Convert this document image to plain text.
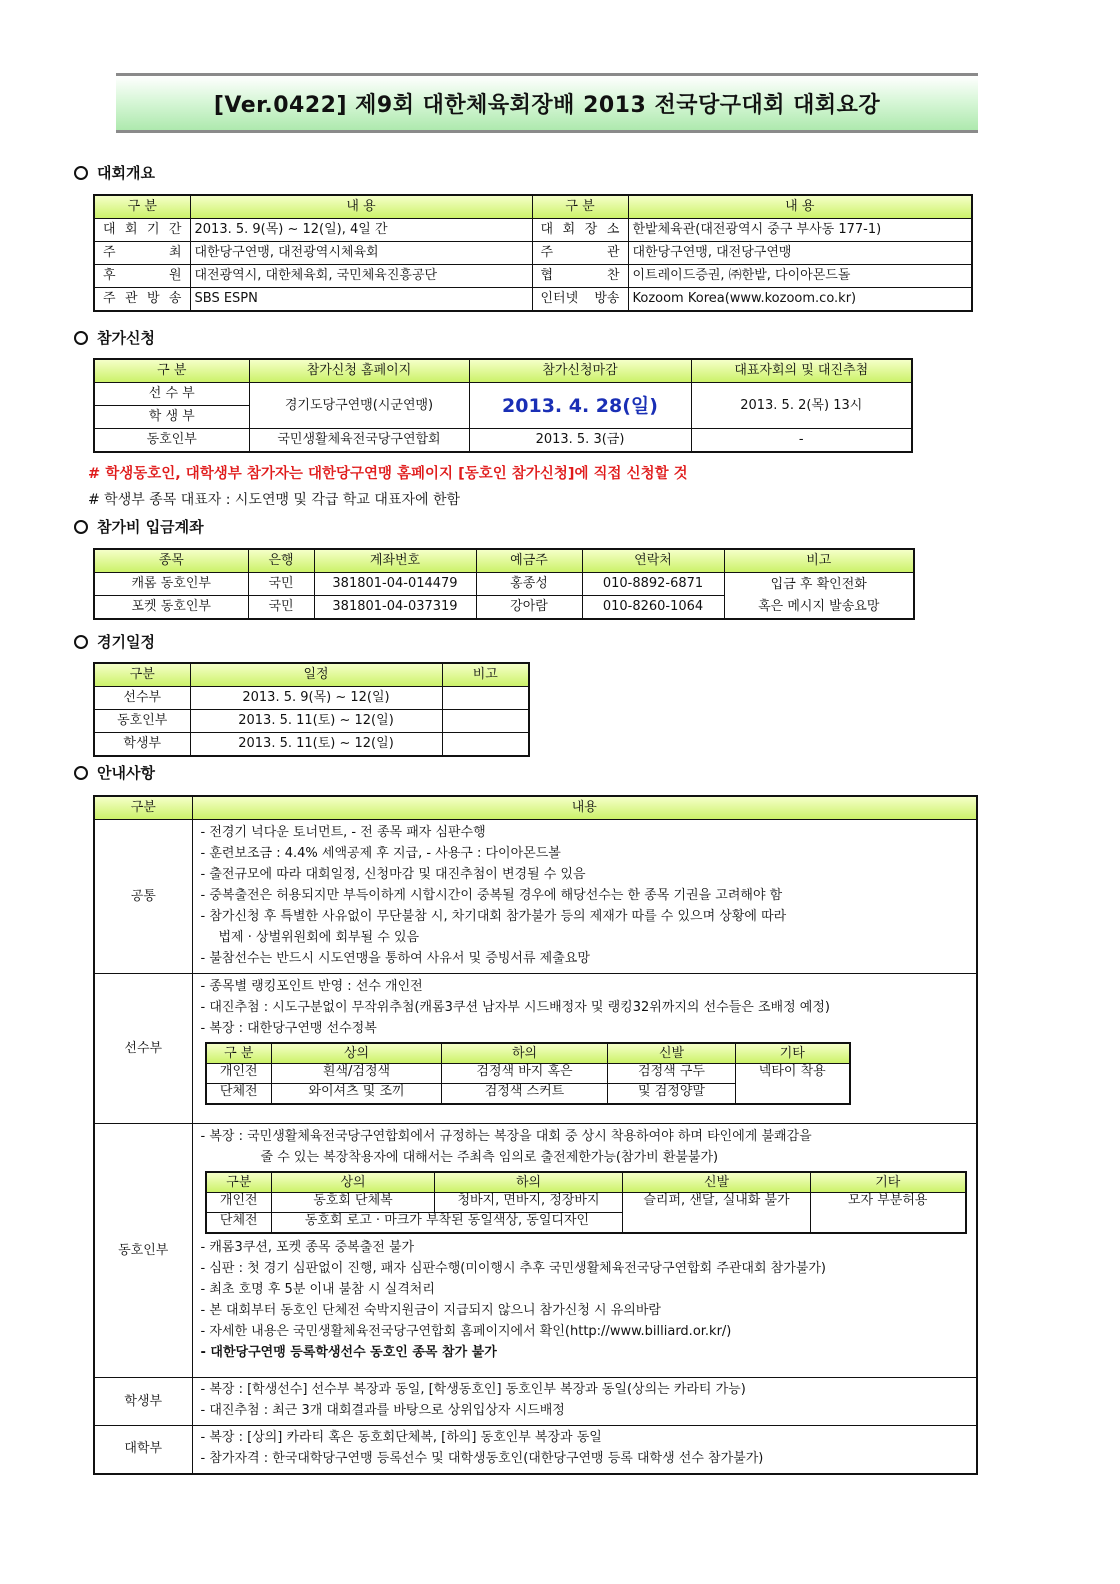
[Ver.0422] 제9회 대한체육회장배 2013 전국당구대회 대회요강
대회개요
구 분	내 용	구 분	내 용
대 회 기 간	2013. 5. 9(목) ~ 12(일), 4일 간	대 회 장 소	한밭체육관(대전광역시 중구 부사동 177-1)
주 최	대한당구연맹, 대전광역시체육회	주 관	대한당구연맹, 대전당구연맹
후 원	대전광역시, 대한체육회, 국민체육진흥공단	협 찬	이트레이드증권, ㈜한밭, 다이아몬드돌
주 관 방 송	SBS ESPN	인터넷 방송	Kozoom Korea(www.kozoom.co.kr)
참가신청
구 분	참가신청 홈페이지	참가신청마감	대표자회의 및 대진추첨
선 수 부	경기도당구연맹(시군연맹)	2013. 4. 28(일)	2013. 5. 2(목) 13시
학 생 부			
동호인부	국민생활체육전국당구연합회	2013. 5. 3(금)	-
# 학생동호인, 대학생부 참가자는 대한당구연맹 홈페이지 [동호인 참가신청]에 직접 신청할 것
# 학생부 종목 대표자 : 시도연맹 및 각급 학교 대표자에 한함
참가비 입금계좌
종목	은행	계좌번호	예금주	연락처	비고
캐롬 동호인부	국민	381801-04-014479	홍종성	010-8892-6871	입금 후 확인전화
혹은 메시지 발송요망
포켓 동호인부	국민	381801-04-037319	강아람	010-8260-1064	
경기일정
구분	일정	비고
선수부	2013. 5. 9(목) ~ 12(일)	
동호인부	2013. 5. 11(토) ~ 12(일)	
학생부	2013. 5. 11(토) ~ 12(일)	
안내사항
구분	내용
공통	
- 전경기 넉다운 토너먼트, - 전 종목 패자 심판수행
- 훈련보조금 : 4.4% 세액공제 후 지급, - 사용구 : 다이아몬드볼
- 출전규모에 따라 대회일정, 신청마감 및 대진추첨이 변경될 수 있음
- 중복출전은 허용되지만 부득이하게 시합시간이 중복될 경우에 해당선수는 한 종목 기권을 고려해야 함
- 참가신청 후 특별한 사유없이 무단불참 시, 차기대회 참가불가 등의 제재가 따를 수 있으며 상황에 따라
법제 · 상벌위원회에 회부될 수 있음
- 불참선수는 반드시 시도연맹을 통하여 사유서 및 증빙서류 제출요망

선수부	
- 종목별 랭킹포인트 반영 : 선수 개인전
- 대진추첨 : 시도구분없이 무작위추첨(캐롬3쿠션 남자부 시드배정자 및 랭킹32위까지의 선수들은 조배정 예정)
- 복장 : 대한당구연맹 선수정복
구 분	상의	하의	신발	기타
개인전	흰색/검정색	검정색 바지 혹은	검정색 구두	넥타이 착용
단체전	와이셔츠 및 조끼	검정색 스커트	및 검정양말

동호인부	
- 복장 : 국민생활체육전국당구연합회에서 규정하는 복장을 대회 중 상시 착용하여야 하며 타인에게 불쾌감을
줄 수 있는 복장착용자에 대해서는 주최측 임의로 출전제한가능(참가비 환불불가)
구분	상의	하의	신발	기타
개인전	동호회 단체복	청바지, 면바지, 정장바지	슬리퍼, 샌달, 실내화 불가	모자 부분허용
단체전	동호회 로고 · 마크가 부착된 동일색상, 동일디자인
- 캐롬3쿠션, 포켓 종목 중복출전 불가
- 심판 : 첫 경기 심판없이 진행, 패자 심판수행(미이행시 추후 국민생활체육전국당구연합회 주관대회 참가불가)
- 최초 호명 후 5분 이내 불참 시 실격처리
- 본 대회부터 동호인 단체전 숙박지원금이 지급되지 않으니 참가신청 시 유의바람
- 자세한 내용은 국민생활체육전국당구연합회 홈페이지에서 확인(http://www.billiard.or.kr/)
- 대한당구연맹 등록학생선수 동호인 종목 참가 불가

학생부	
- 복장 : [학생선수] 선수부 복장과 동일, [학생동호인] 동호인부 복장과 동일(상의는 카라티 가능)
- 대진추첨 : 최근 3개 대회결과를 바탕으로 상위입상자 시드배정

대학부	
- 복장 : [상의] 카라티 혹은 동호회단체복, [하의] 동호인부 복장과 동일
- 참가자격 : 한국대학당구연맹 등록선수 및 대학생동호인(대한당구연맹 등록 대학생 선수 참가불가)
